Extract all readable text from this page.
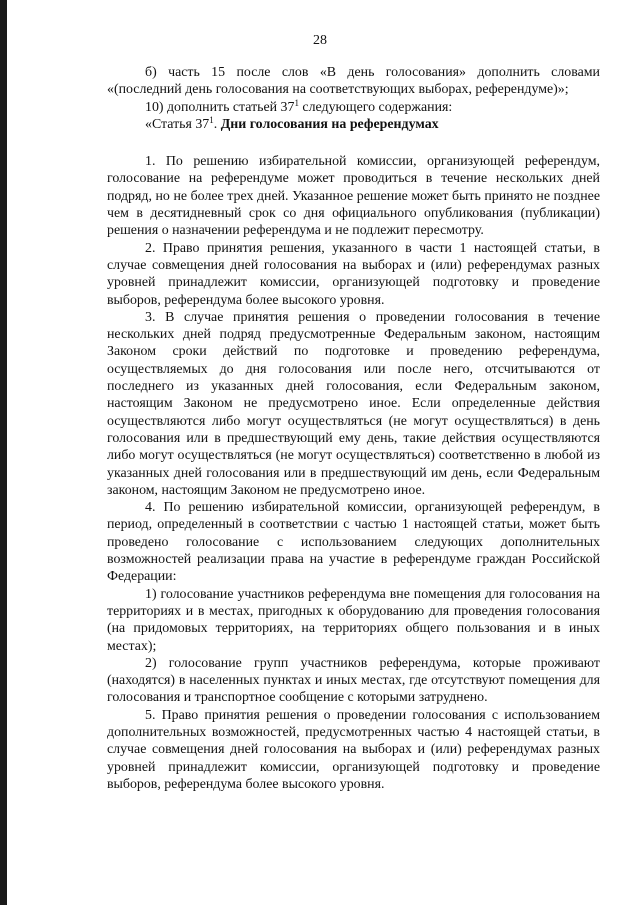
28

б) часть 15 после слов «В день голосования» дополнить словами «(последний день голосования на соответствующих выборах, референдуме)»;

10) дополнить статьей $37^1$ следующего содержания:

«Статья $37^1$. Дни голосования на референдумах

1. По решению избирательной комиссии, организующей референдум, голосование на референдуме может проводиться в течение нескольких дней подряд, но не более трех дней. Указанное решение может быть принято не позднее чем в десятидневный срок со дня официального опубликования (публикации) решения о назначении референдума и не подлежит пересмотру.

2. Право принятия решения, указанного в части 1 настоящей статьи, в случае совмещения дней голосования на выборах и (или) референдумах разных уровней принадлежит комиссии, организующей подготовку и проведение выборов, референдума более высокого уровня.

3. В случае принятия решения о проведении голосования в течение нескольких дней подряд предусмотренные Федеральным законом, настоящим Законом сроки действий по подготовке и проведению референдума, осуществляемых до дня голосования или после него, отсчитываются от последнего из указанных дней голосования, если Федеральным законом, настоящим Законом не предусмотрено иное. Если определенные действия осуществляются либо могут осуществляться (не могут осуществляться) в день голосования или в предшествующий ему день, такие действия осуществляются либо могут осуществляться (не могут осуществляться) соответственно в любой из указанных дней голосования или в предшествующий им день, если Федеральным законом, настоящим Законом не предусмотрено иное.

4. По решению избирательной комиссии, организующей референдум, в период, определенный в соответствии с частью 1 настоящей статьи, может быть проведено голосование с использованием следующих дополнительных возможностей реализации права на участие в референдуме граждан Российской Федерации:

1) голосование участников референдума вне помещения для голосования на территориях и в местах, пригодных к оборудованию для проведения голосования (на придомовых территориях, на территориях общего пользования и в иных местах);

2) голосование групп участников референдума, которые проживают (находятся) в населенных пунктах и иных местах, где отсутствуют помещения для голосования и транспортное сообщение с которыми затруднено.

5. Право принятия решения о проведении голосования с использованием дополнительных возможностей, предусмотренных частью 4 настоящей статьи, в случае совмещения дней голосования на выборах и (или) референдумах разных уровней принадлежит комиссии, организующей подготовку и проведение выборов, референдума более высокого уровня.
